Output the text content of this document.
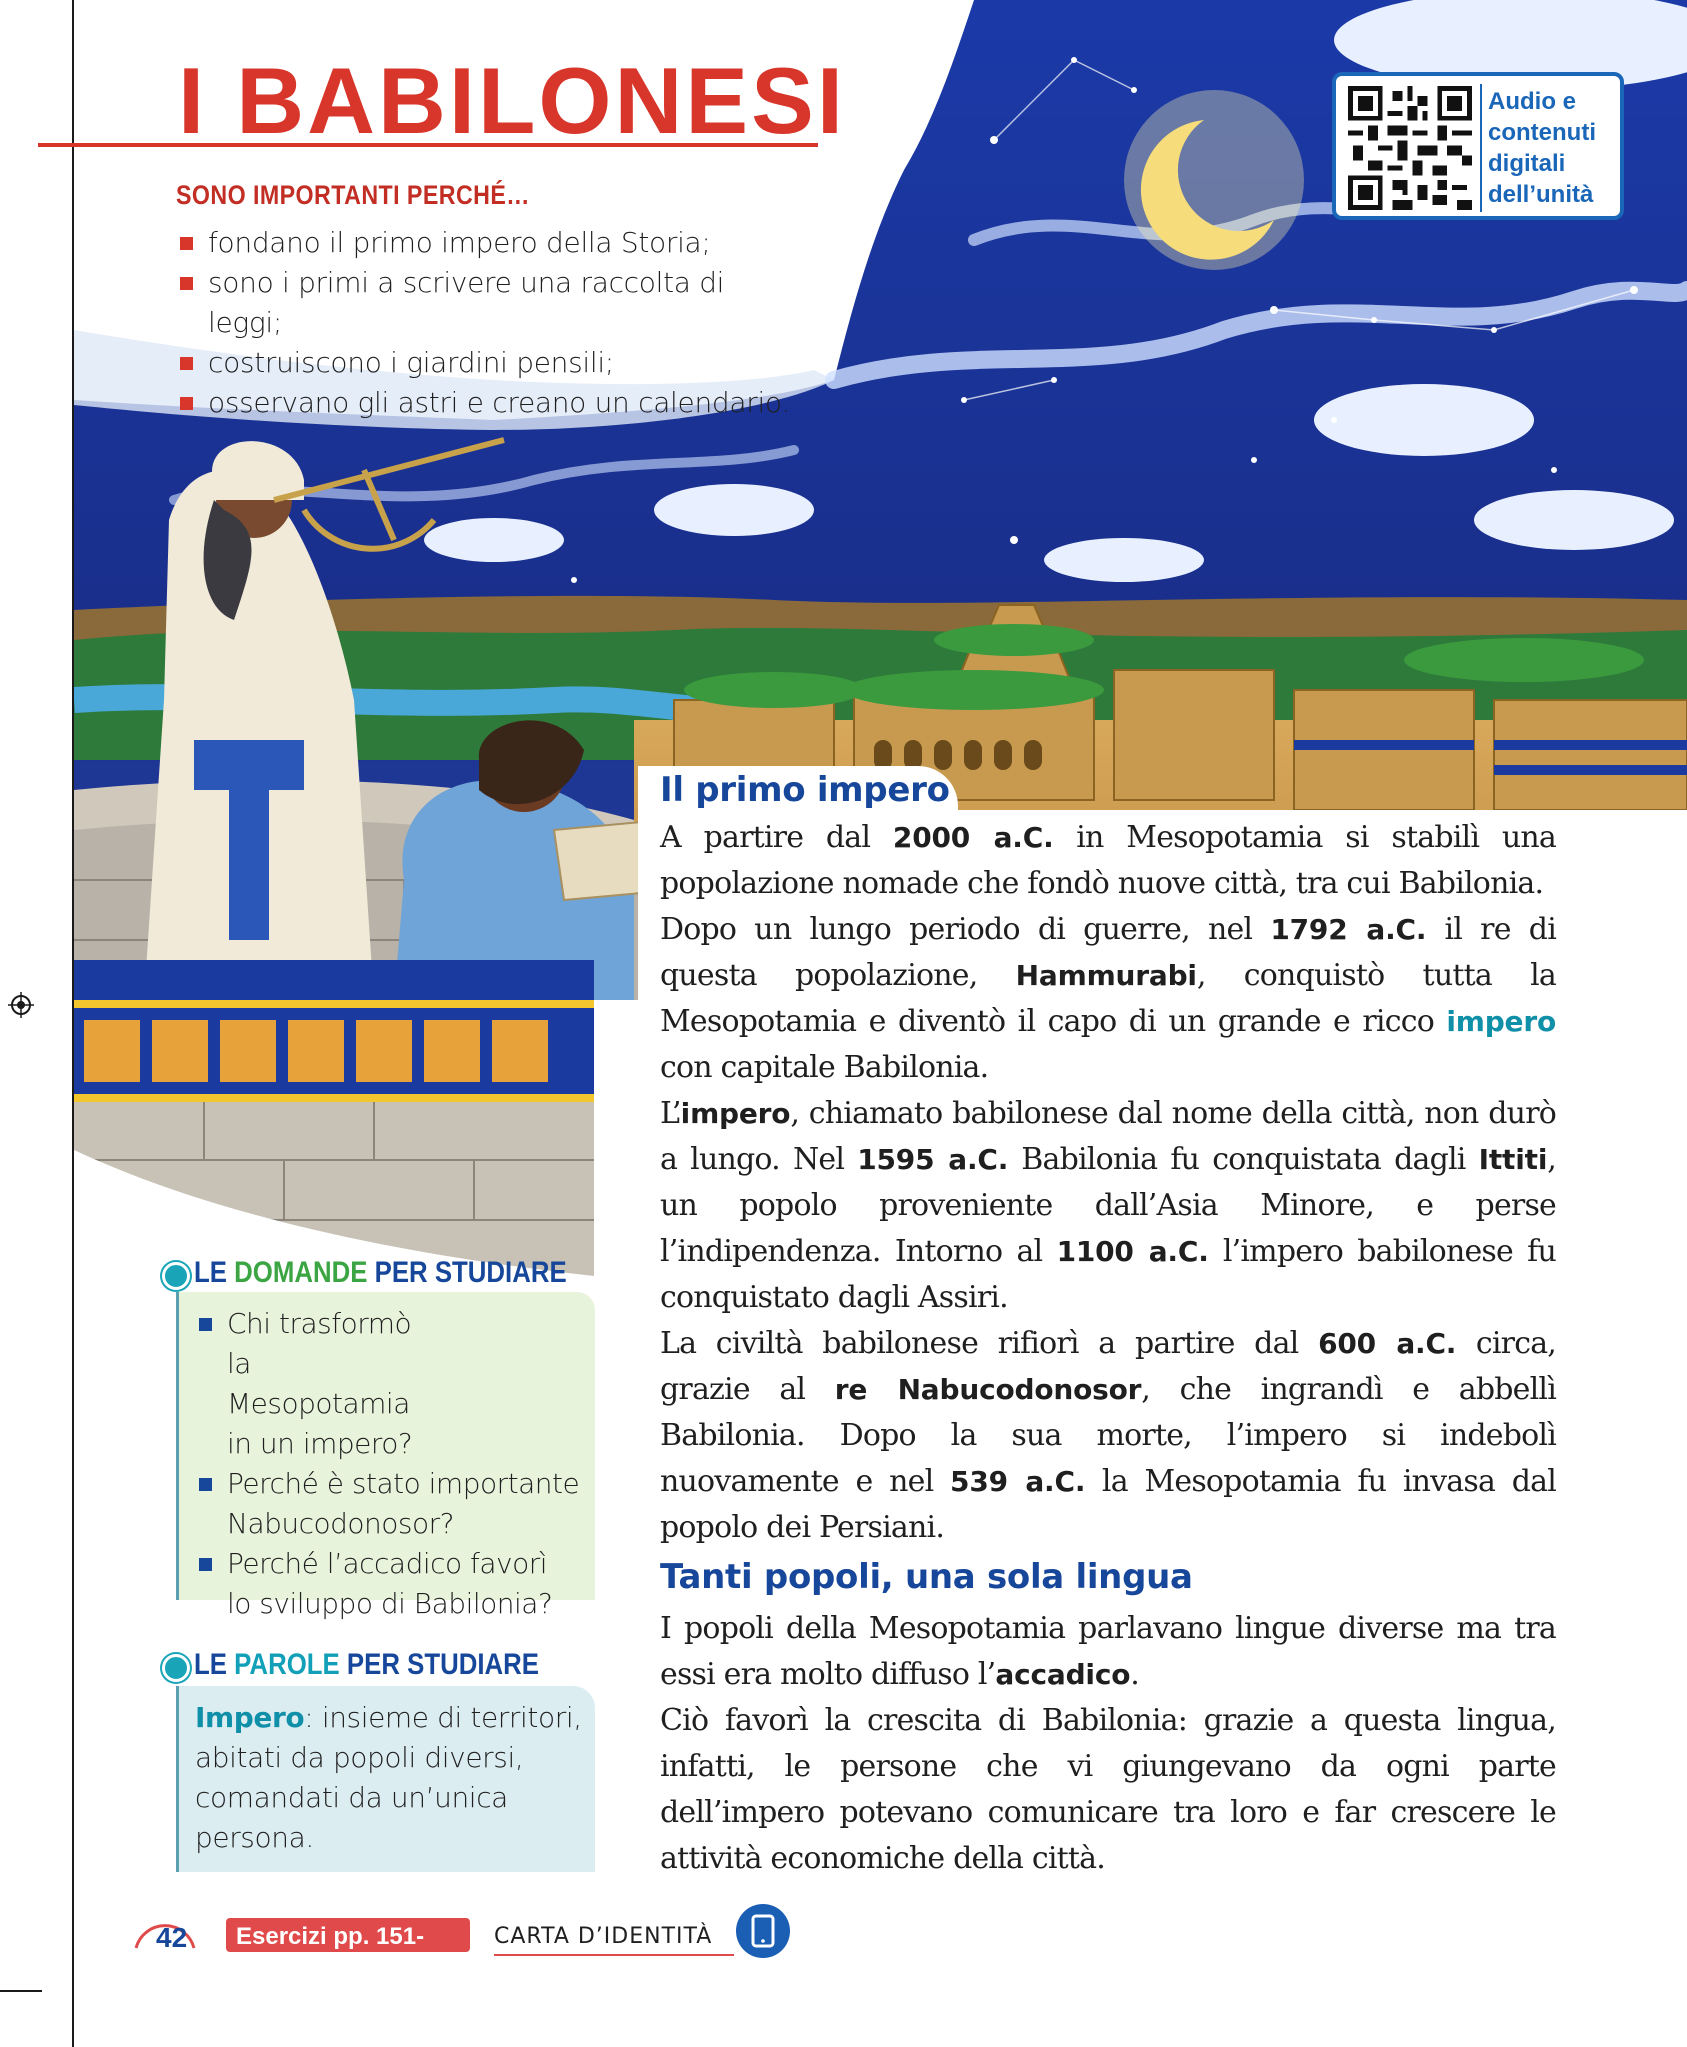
I BABILONESI
SONO IMPORTANTI PERCHÉ…
fondano il primo impero della Storia;
sono i primi a scrivere una raccolta di leggi;
costruiscono i giardini pensili;
osservano gli astri e creano un calendario.
Audio e
contenuti
digitali
dell’unità
Il primo impero

A partire dal 2000 a.C. in Mesopotamia si stabilì una popolazione nomade che fondò nuove città, tra cui Babilonia.

Dopo un lungo periodo di guerre, nel 1792 a.C. il re di questa popolazione, Hammurabi, conquistò tutta la Mesopotamia e diventò il capo di un grande e ricco impero con capitale Babilonia.

L’impero, chiamato babilonese dal nome della città, non durò a lungo. Nel 1595 a.C. Babilonia fu conquistata dagli Ittiti, un popolo proveniente dall’Asia Minore, e perse l’indipendenza. Intorno al 1100 a.C. l’impero babilonese fu conquistato dagli Assiri.

La civiltà babilonese rifiorì a partire dal 600 a.C. circa, grazie al re Nabucodonosor, che ingrandì e abbellì Babilonia. Dopo la sua morte, l’impero si indebolì nuovamente e nel 539 a.C. la Mesopotamia fu invasa dal popolo dei Persiani.

Tanti popoli, una sola lingua

I popoli della Mesopotamia parlavano lingue diverse ma tra essi era molto diffuso l’accadico.

Ciò favorì la crescita di Babilonia: grazie a questa lingua, infatti, le persone che vi giungevano da ogni parte dell’impero potevano comunicare tra loro e far crescere le attività economiche della città.

LE DOMANDE PER STUDIARE
Chi trasformò la Mesopotamia in un impero?
Perché è stato importante Nabucodonosor?
Perché l’accadico favorì lo sviluppo di Babilonia?
LE PAROLE PER STUDIARE

Impero: insieme di territori, abitati da popoli diversi, comandati da un’unica persona.

42	Esercizi pp. 151-153
CARTA D’IDENTITÀ
